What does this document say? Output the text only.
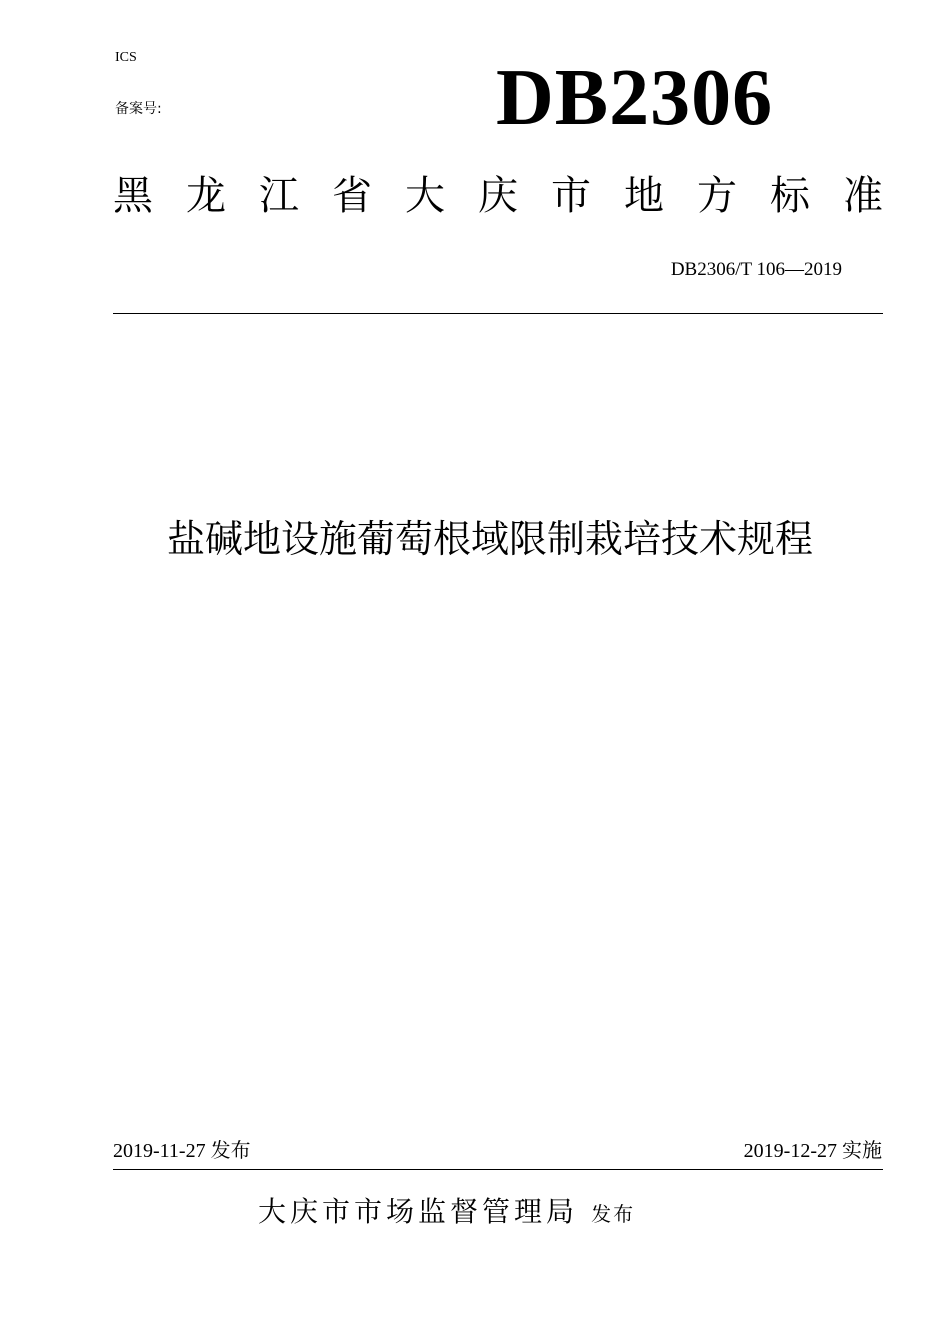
ICS
备案号:	DB2306
黑 龙 江 省 大 庆 市 地 方 标 准
DB2306/T 106—2019
盐碱地设施葡萄根域限制栽培技术规程
2019-11-27 发布	2019-12-27 实施
大庆市市场监督管理局 发布
